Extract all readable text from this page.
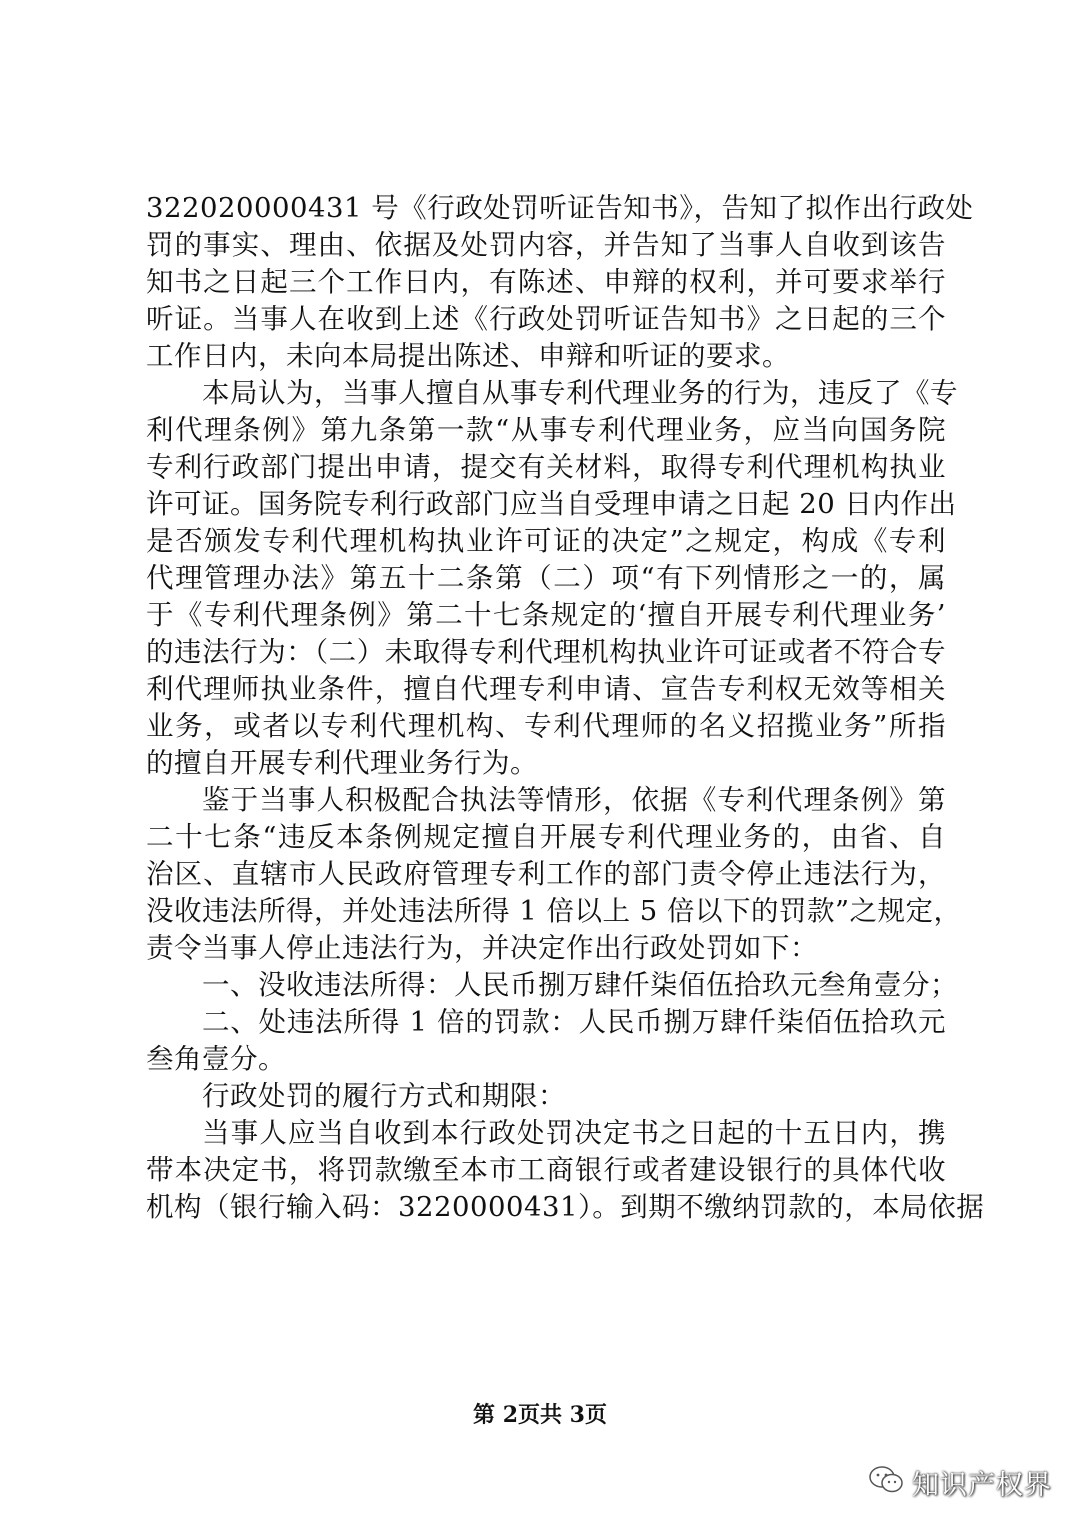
322020000431 号《行政处罚听证告知书》，告知了拟作出行政处
罚的事实、理由、依据及处罚内容，并告知了当事人自收到该告
知书之日起三个工作日内，有陈述、申辩的权利，并可要求举行
听证。当事人在收到上述《行政处罚听证告知书》之日起的三个
工作日内，未向本局提出陈述、申辩和听证的要求。
本局认为，当事人擅自从事专利代理业务的行为，违反了《专
利代理条例》第九条第一款“从事专利代理业务，应当向国务院
专利行政部门提出申请，提交有关材料，取得专利代理机构执业
许可证。国务院专利行政部门应当自受理申请之日起 20 日内作出
是否颁发专利代理机构执业许可证的决定”之规定，构成《专利
代理管理办法》第五十二条第（二）项“有下列情形之一的，属
于《专利代理条例》第二十七条规定的‘擅自开展专利代理业务’
的违法行为：（二）未取得专利代理机构执业许可证或者不符合专
利代理师执业条件，擅自代理专利申请、宣告专利权无效等相关
业务，或者以专利代理机构、专利代理师的名义招揽业务”所指
的擅自开展专利代理业务行为。
鉴于当事人积极配合执法等情形，依据《专利代理条例》第
二十七条“违反本条例规定擅自开展专利代理业务的，由省、自
治区、直辖市人民政府管理专利工作的部门责令停止违法行为，
没收违法所得，并处违法所得 1 倍以上 5 倍以下的罚款”之规定，
责令当事人停止违法行为，并决定作出行政处罚如下：
一、没收违法所得：人民币捌万肆仟柒佰伍拾玖元叁角壹分；
二、处违法所得 1 倍的罚款：人民币捌万肆仟柒佰伍拾玖元
叁角壹分。
行政处罚的履行方式和期限：
当事人应当自收到本行政处罚决定书之日起的十五日内，携
带本决定书，将罚款缴至本市工商银行或者建设银行的具体代收
机构（银行输入码：3220000431）。到期不缴纳罚款的，本局依据
第 2页共 3页
知识产权界
